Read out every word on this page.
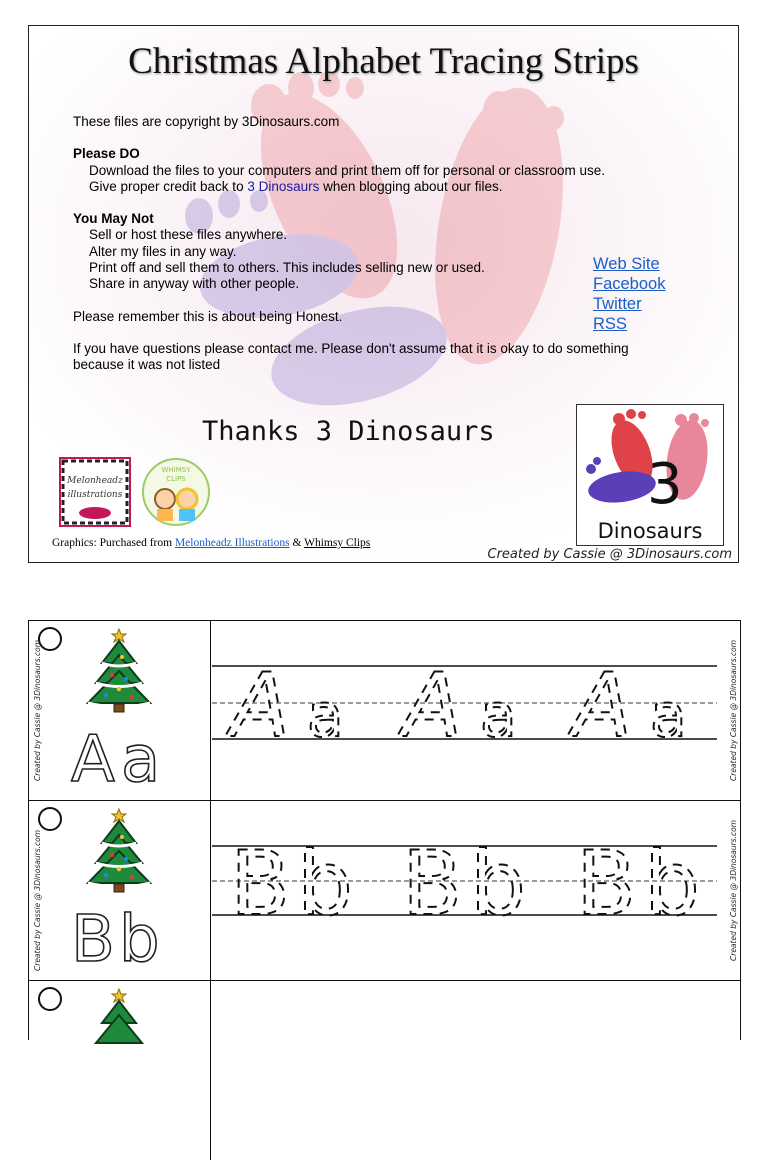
Christmas Alphabet Tracing Strips

These files are copyright by 3Dinosaurs.com

Please DO

Download the files to your computers and print them off for personal or classroom use.

Give proper credit back to 3 Dinosaurs when blogging about our files.

You May Not

Sell or host these files anywhere.

Alter my files in any way.

Print off and sell them to others. This includes selling new or used.

Share in anyway with other people.

Please remember this is about being Honest.

If you have questions please contact me. Please don't assume that it is okay to do something

because it was not listed

Web Site
Facebook
Twitter
RSS
Thanks 3 Dinosaurs
3
Dinosaurs
Melonheadz
illustrations
WHIMSY
CLIPS
Graphics: Purchased from Melonheadz Illustrations & Whimsy Clips
Created by Cassie @ 3Dinosaurs.com
Created by Cassie @ 3Dinosaurs.com A a
A a A a A a	Created by Cassie @ 3Dinosaurs.com
Created by Cassie @ 3Dinosaurs.com B b
B b B b B b	Created by Cassie @ 3Dinosaurs.com
